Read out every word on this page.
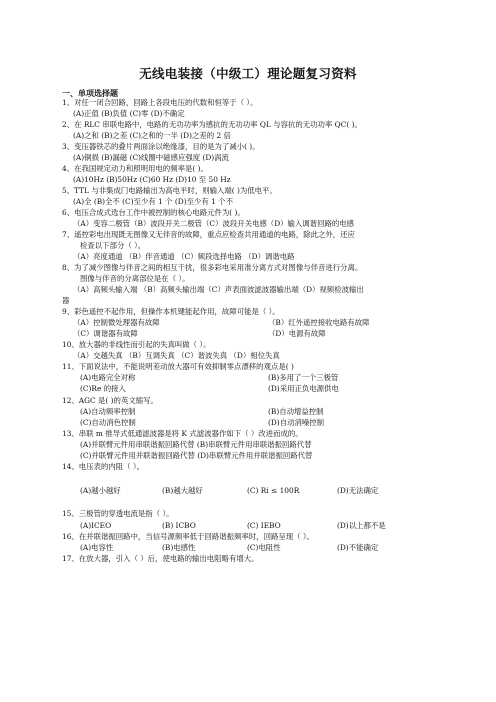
无线电装接（中级工）理论题复习资料
一、单项选择题
1、对任一闭合回路，回路上各段电压的代数和恒等于（ ）。
(A)正值 (B)负值 (C)零 (D)不确定
2、在 RLC 串联电路中，电路的无功功率为感抗的无功功率 QL 与容抗的无功功率 QC( )。
(A)之和 (B)之差 (C)之和的一半 (D)之差的 2 倍
3、变压器铁芯的叠片两面涂以绝缘漆，目的是为了减小( )。
(A)铜损 (B)漏磁 (C)线圈中磁感应强度 (D)涡流
4、在我国规定动力和照明用电的频率是( )。
(A)10Hz (B)50Hz (C)60 Hz (D)10 至 50 Hz
5、TTL 与非集成门电路输出为高电平时，则输入端( )为低电平。
(A)全 (B)全不 (C)至少有 1 个 (D)至少有 1 个不
6、电压合成式选台工作中被控制的核心电路元件为( )。
（A）变容二极管（B）波段开关二极管（C）波段开关电感（D）输入调谐回路的电感
7、遥控彩电出现既无图像又无伴音的故障，重点应检查共用通道的电路，除此之外，还应
检查以下部分（ ）。
（A）亮度通道 （B）伴音通道 （C）频段选择电路 （D）调谐电路
8、为了减少图像与伴音之间的相互干扰，很多彩电采用准分离方式对图像与伴音进行分离。
图像与伴音的分离部位是在（ ）。
（A）高频头输入端 （B）高频头输出端（C）声表面波滤波器输出端（D）视频检波输出
器
9、彩色遥控不起作用，但操作本机键能起作用，故障可能是（ ）。
（A）控制微处理器有故障	（B）红外遥控接收电路有故障
（C）调谐器有故障	（D）电源有故障
10、放大器的非线性而引起的失真叫做（ ）。
（A）交越失真 （B）互调失真 （C）谐波失真 （D）相位失真
11、下面说法中，不能说明差动放大器可有效抑制零点漂移的观点是( )
(A)电路完全对称	(B)多用了一个三极管
(C)Re 的接入	(D)采用正负电源供电
12、AGC 是( )的英文缩写。
(A)自动频率控制	(B)自动增益控制
(C)自动消色控制	(D)自动消噪控制
13、串联 m 推导式低通滤波器是将 K 式滤波器作如下（ ）改进而成的。
(A)并联臂元件用串联谐振回路代替 (B)串联臂元件用串联谐振回路代替
(C)并联臂元件用并联谐振回路代替 (D)串联臂元件用并联谐振回路代替
14、电压表的内阻（ ）。
(A)越小越好	(B)越大越好	(C) Ri ≤ 100R	(D)无法确定
15、三极管的穿透电流是指（ ）。
(A)ICEO	(B) ICBO	(C) IEBO	(D)以上都不是
16、在并联谐振回路中，当信号源频率低于回路谐振频率时，回路呈现（ ）。
(A)电容性	(B)电感性	(C)电阻性	(D)不能确定
17、在放大器，引入（ ）后，使电路的输出电阻略有增大。
